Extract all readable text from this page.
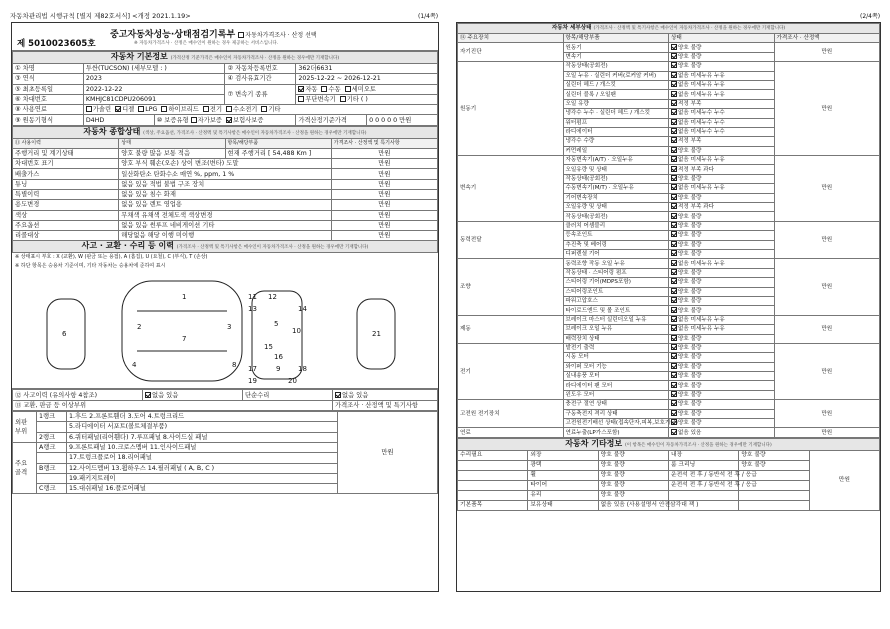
자동차관리법 시행규칙 [별지 제82호서식] <개정 2021.1.19>	(1/4쪽)	(2/4쪽)
제 5010023605호
중고자동차성능·상태점검기록부 자동차가격조사 · 산정 선택
※ 자동차가격조사 · 산정은 매수인이 원하는 경우 제공하는 서비스입니다.
자동차 기본정보 (가격산정 기준가격은 매수인이 자동차가격조사 · 산정을 원하는 경우에만 기재합니다)					
① 차명	투싼(TUCSON) (세부모델 : )		② 자동차등록번호	362더6631	
③ 연식	2023		④ 검사유효기간	2025-12-22 ~ 2026-12-21	
⑤ 최초등록일	2022-12-22		⑦ 변속기 종류	자동 수동 세미오토	
⑥ 차대번호	KMHJC81CDPU206091			무단변속기 기타 ( )	
⑧ 사용연료	가솔린 디젤 LPG 하이브리드 전기 수소전기 기타				
⑨ 원동기형식	D4HD	⑩ 보증유형 자가보증 보험사보증		가격산정기준가격	0 0 0 0 0 만원
자동차 종합상태 (색상, 주요옵션, 가격조사 · 산정액 및 특기사항은 매수인이 자동차가격조사 · 산정을 원하는 경우에만 기재합니다)			
⑪ 사용이력	상태	항목/해당부품	가격조사 · 산정액 및 특기사항
주행거리 및 계기상태	양호 불량 많음 보통 적음	현재 주행거리 [ 54,488 Km ]	만원
차대번호 표기	양호 부식 훼손(오손) 상이 변조(변타) 도말		만원
배출가스	일산화탄소 탄화수소 매연 %, ppm, 1 %		만원
튜닝	없음 있음 적법 불법 구조 장치		만원
특별이력	없음 있음 침수 화재		만원
용도변경	없음 있음 렌트 영업용		만원
색상	무채색 유채색 전체도색 색상변경		만원
주요옵션	없음 있음 썬루프 네비게이션 기타		만원
리콜대상	해당없음 해당 이행 미이행		만원
사고 · 교환 · 수리 등 이력 (가격조사 · 산정액 및 특기사항은 매수인이 자동차가격조사 · 산정을 원하는 경우에만 기재합니다)			
※ 상태표시 부호 : X (교환), W (판금 또는 용접), A (흠집), U (요철), C (부식), T (손상)
※ 하단 항목은 승용차 기준이며, 기타 자동차는 승용차에 준하여 표시
1
2	3
4
5
6
7
8	9
10
11 12
13	14
15
16
17	18
19	20
21
⑫ 사고이력 (유의사항 4참조)	없음 있음	단순수리	없음 있음
⑬ 교환, 판금 등 이상부위			가격조사 · 산정액 및 특기사항
외판 부위	1랭크	1.후드 2.프론트휀더 3.도어 4.트렁크리드	만원
		5.라디에이터 서포트(볼트체결부품)	
	2랭크	6.쿼터패널(리어휀다) 7.루프패널 8.사이드실 패널	
주요 골격	A랭크	9.프론트패널 10.크로스멤버 11.인사이드패널	
		17.트렁크플로어 18.리어패널	
	B랭크	12.사이드멤버 13.휠하우스 14.필러패널 ( A, B, C )	
		19.패키지트레이	
	C랭크	15.대쉬패널 16.플로어패널	
자동차 세부상태 (가격조사 · 산정액 및 특기사항은 매수인이 자동차가격조사 · 산정을 원하는 경우에만 기재합니다)			
⑭ 주요장치	항목/해당부품	상태	가격조사 · 산정액
자기진단	원동기	양호 불량	만원
	변속기	양호 불량	
원동기	작동상태(공회전)	양호 불량	만원
	오일 누유 · 실린더 커버(로커암 커버)	없음 미세누유 누유	
	실린더 헤드 / 개스킷	없음 미세누유 누유	
	실린더 블록 / 오일팬	없음 미세누유 누유	
	오일 유량	적정 부족	
	냉각수 누수 · 실린더 헤드 / 개스킷	없음 미세누수 누수	
	워터펌프	없음 미세누수 누수	
	라디에이터	없음 미세누수 누수	
	냉각수 수량	적정 부족	
	커먼레일	양호 불량	
변속기	자동변속기(A/T) · 오일누유	없음 미세누유 누유	만원
	오일유량 및 상태	적정 부족 과다	
	작동상태(공회전)	양호 불량	
	수동변속기(M/T) · 오일누유	없음 미세누유 누유	
	기어변속장치	양호 불량	
	오일유량 및 상태	적정 부족 과다	
	작동상태(공회전)	양호 불량	
동력전달	클러치 어셈블리	양호 불량	만원
	등속조인트	양호 불량	
	추진축 및 베어링	양호 불량	
	디퍼렌셜 기어	양호 불량	
조향	동력조향 작동 오일 누유	없음 미세누유 누유	만원
	작동상태 · 스티어링 펌프	양호 불량	
	스티어링 기어(MDPS포함)	양호 불량	
	스티어링조인트	양호 불량	
	파워고압호스	양호 불량	
	타이로드엔드 및 볼 조인트	양호 불량	
제동	브레이크 마스터 실린더오일 누유	없음 미세누유 누유	만원
	브레이크 오일 누유	없음 미세누유 누유	
	배력장치 상태	양호 불량	
전기	발전기 출력	양호 불량	만원
	시동 모터	양호 불량	
	와이퍼 모터 기능	양호 불량	
	실내송풍 모터	양호 불량	
	라디에이터 팬 모터	양호 불량	
	윈도우 모터	양호 불량	
고전원 전기장치	충전구 절연 상태	양호 불량	만원
	구동축전지 격리 상태	양호 불량	
	고전원전기배선 상태(접속단자,피복,보호기구)	양호 불량	
연료	연료누출(LP가스포함)	없음 있음	만원
자동차 기타정보 (이 항목은 매수인이 자동차가격조사 · 산정을 원하는 경우에만 기재합니다)					
수리필요	외장	양호 불량	내장	양호 불량	만원
	광택	양호 불량	룸 크리닝	양호 불량	
	휠	양호 불량	운전석 전 후 / 동반석 전 후 / 응급		
	타이어	양호 불량	운전석 전 후 / 동반석 전 후 / 응급		
	유리	양호 불량			
기본품목	보유상태	없음 있음 (사용설명서 안전삼각대 잭 )			
